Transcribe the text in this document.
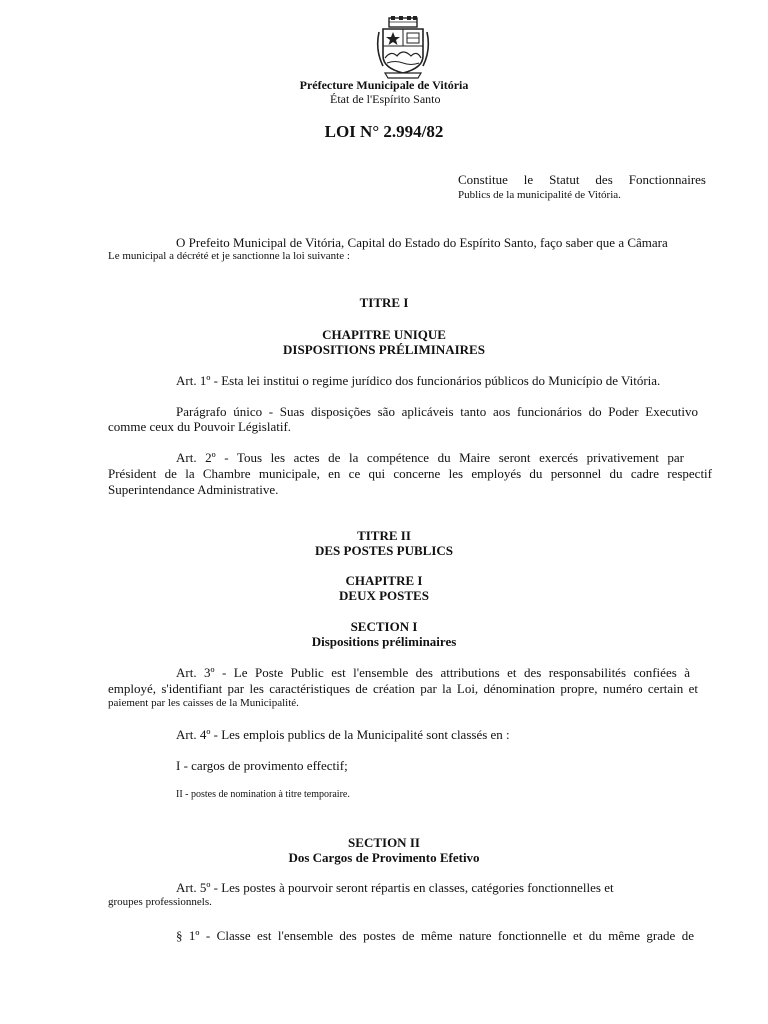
Préfecture Municipale de Vitória
État de l'Espírito Santo
LOI N° 2.994/82
Constitue le Statut des Fonctionnaires
Publics de la municipalité de Vitória.
O Prefeito Municipal de Vitória, Capital do Estado do Espírito Santo, faço saber que a Câmara
Le municipal a décrété et je sanctionne la loi suivante :
TITRE I
CHAPITRE UNIQUE
DISPOSITIONS PRÉLIMINAIRES
Art. 1º - Esta lei institui o regime jurídico dos funcionários públicos do Município de Vitória.
Parágrafo único - Suas disposições são aplicáveis tanto aos funcionários do Poder Executivo
comme ceux du Pouvoir Législatif.
Art. 2º - Tous les actes de la compétence du Maire seront exercés privativement par
Président de la Chambre municipale, en ce qui concerne les employés du personnel du cadre respectif
Superintendance Administrative.
TITRE II
DES POSTES PUBLICS
CHAPITRE I
DEUX POSTES
SECTION I
Dispositions préliminaires
Art. 3º - Le Poste Public est l'ensemble des attributions et des responsabilités confiées à
employé, s'identifiant par les caractéristiques de création par la Loi, dénomination propre, numéro certain et
paiement par les caisses de la Municipalité.
Art. 4º - Les emplois publics de la Municipalité sont classés en :
I - cargos de provimento effectif;
II - postes de nomination à titre temporaire.
SECTION II
Dos Cargos de Provimento Efetivo
Art. 5º - Les postes à pourvoir seront répartis en classes, catégories fonctionnelles et
groupes professionnels.
§ 1º - Classe est l'ensemble des postes de même nature fonctionnelle et du même grade de
